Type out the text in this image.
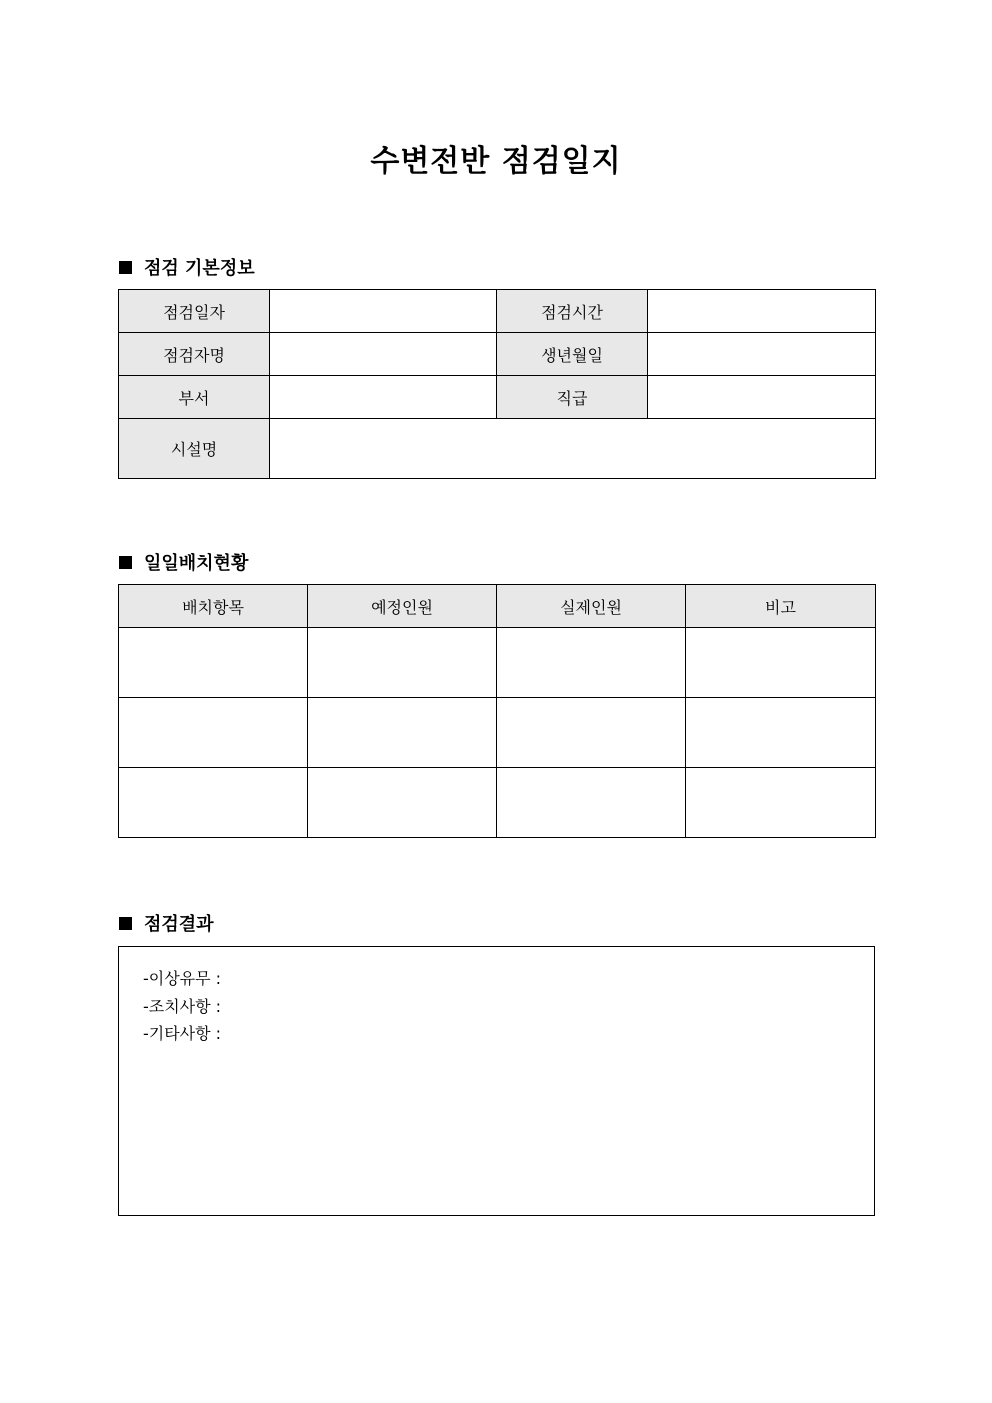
수변전반 점검일지
점검 기본정보
점검일자		점검시간	
점검자명		생년월일	
부서		직급	
시설명			
일일배치현황
배치항목	예정인원	실제인원	비고

점검결과
-이상유무 :
-조치사항 :
-기타사항 :
